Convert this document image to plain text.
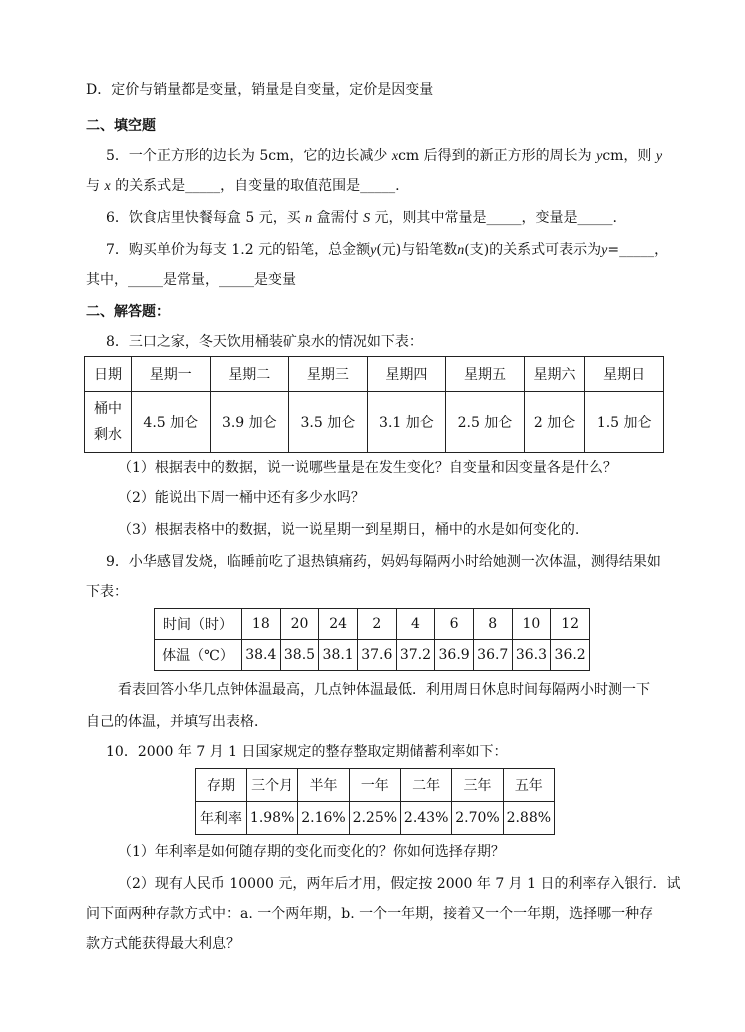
D．定价与销量都是变量，销量是自变量，定价是因变量
二、填空题
5．一个正方形的边长为 5cm，它的边长减少 xcm 后得到的新正方形的周长为 ycm，则 y
与 x 的关系式是_____，自变量的取值范围是_____.
6．饮食店里快餐每盒 5 元，买 n 盒需付 S 元，则其中常量是_____，变量是_____.
7．购买单价为每支 1.2 元的铅笔，总金额y(元)与铅笔数n(支)的关系式可表示为y=_____，
其中，_____是常量，_____是变量
二、解答题：
8．三口之家，冬天饮用桶装矿泉水的情况如下表：
日期	星期一	星期二	星期三	星期四	星期五	星期六	星期日
桶中
剩水	4.5 加仑	3.9 加仑	3.5 加仑	3.1 加仑	2.5 加仑	2 加仑	1.5 加仑
（1）根据表中的数据，说一说哪些量是在发生变化？自变量和因变量各是什么？
（2）能说出下周一桶中还有多少水吗？
（3）根据表格中的数据，说一说星期一到星期日，桶中的水是如何变化的.
9．小华感冒发烧，临睡前吃了退热镇痛药，妈妈每隔两小时给她测一次体温，测得结果如
下表：
时间（时）	18	20	24	2	4	6	8	10	12
体温（℃）	38.4	38.5	38.1	37.6	37.2	36.9	36.7	36.3	36.2
看表回答小华几点钟体温最高，几点钟体温最低．利用周日休息时间每隔两小时测一下
自己的体温，并填写出表格．
10．2000 年 7 月 1 日国家规定的整存整取定期储蓄利率如下：
存期	三个月	半年	一年	二年	三年	五年
年利率	1.98%	2.16%	2.25%	2.43%	2.70%	2.88%
（1）年利率是如何随存期的变化而变化的？你如何选择存期？
（2）现有人民币 10000 元，两年后才用，假定按 2000 年 7 月 1 日的利率存入银行．试
问下面两种存款方式中：a. 一个两年期，b. 一个一年期，接着又一个一年期，选择哪一种存
款方式能获得最大利息？
